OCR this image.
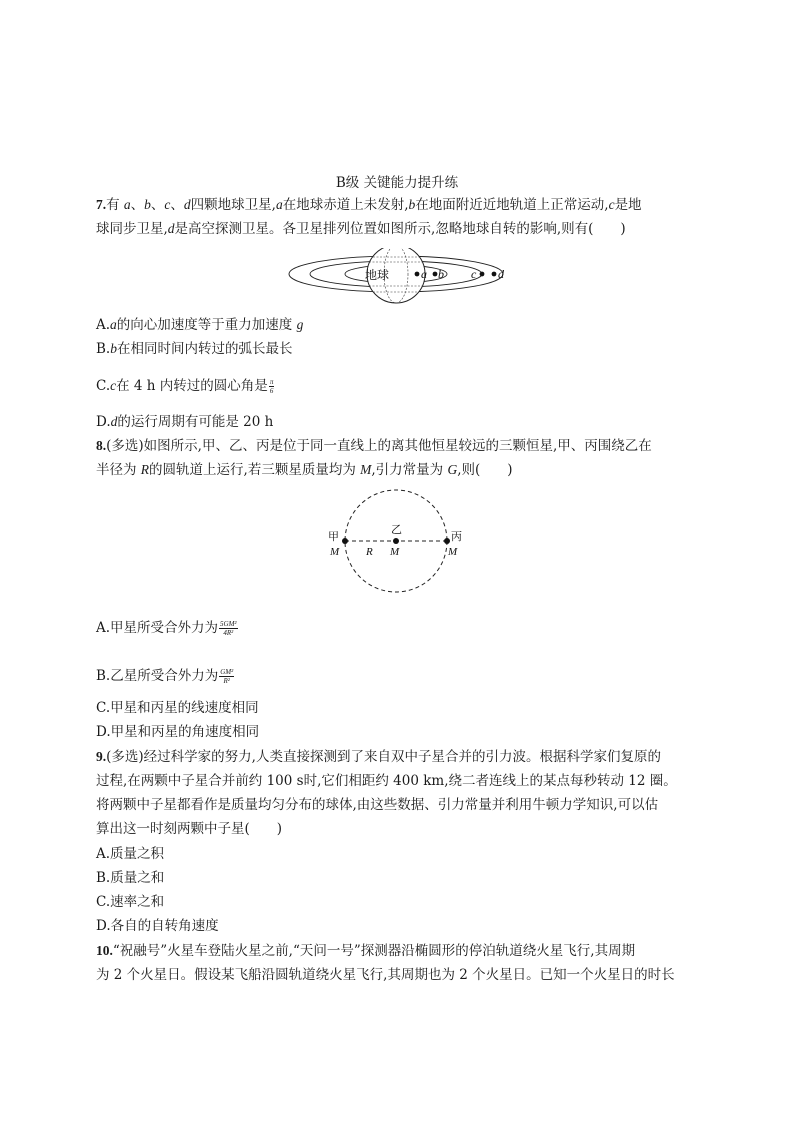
B级 关键能力提升练
7.有 a、b、c、d四颗地球卫星,a在地球赤道上未发射,b在地面附近近地轨道上正常运动,c是地
球同步卫星,d是高空探测卫星。各卫星排列位置如图所示,忽略地球自转的影响,则有(　　)
地球	a b c d
A.a的向心加速度等于重力加速度 g
B.b在相同时间内转过的弧长最长
C.c在 4 h 内转过的圆心角是 $\frac{\pi}{6}$
D.d的运行周期有可能是 20 h
8.(多选)如图所示,甲、乙、丙是位于同一直线上的离其他恒星较远的三颗恒星,甲、丙围绕乙在
半径为 R的圆轨道上运行,若三颗星质量均为 M,引力常量为 G,则(　　)
甲
M
乙
M
R
丙
M
A.甲星所受合外力为 $\frac{\text{5GM²}}{\text{4R²}}$
B.乙星所受合外力为 $\frac{\text{GM²}}{\text{R²}}$
C.甲星和丙星的线速度相同
D.甲星和丙星的角速度相同
9.(多选)经过科学家的努力,人类直接探测到了来自双中子星合并的引力波。根据科学家们复原的
过程,在两颗中子星合并前约 100 s时,它们相距约 400 km,绕二者连线上的某点每秒转动 12 圈。
将两颗中子星都看作是质量均匀分布的球体,由这些数据、引力常量并利用牛顿力学知识,可以估
算出这一时刻两颗中子星(　　)
A.质量之积
B.质量之和
C.速率之和
D.各自的自转角速度
10.“祝融号”火星车登陆火星之前,“天问一号”探测器沿椭圆形的停泊轨道绕火星飞行,其周期
为 2 个火星日。假设某飞船沿圆轨道绕火星飞行,其周期也为 2 个火星日。已知一个火星日的时长
